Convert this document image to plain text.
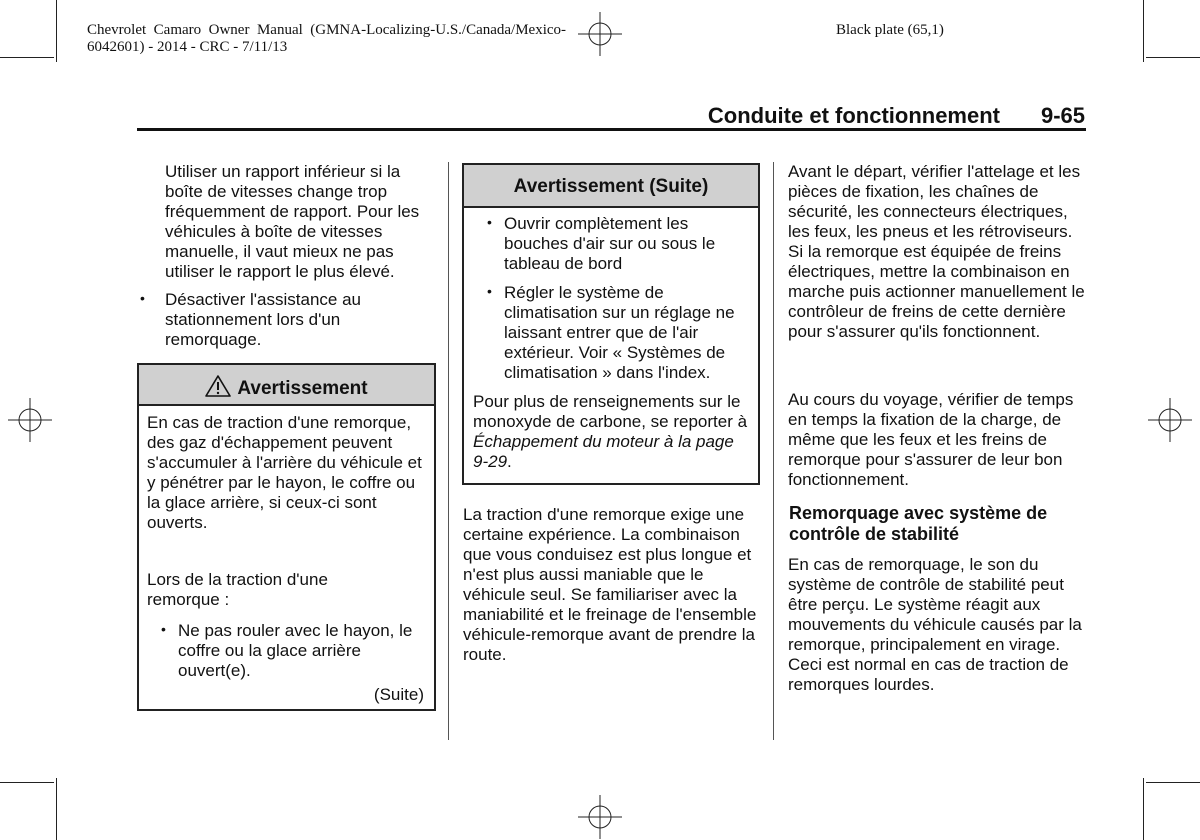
Chevrolet  Camaro  Owner  Manual  (GMNA-Localizing-U.S./Canada/Mexico-
6042601) - 2014 - CRC - 7/11/13
Black plate (65,1)
Conduite et fonctionnement 9-65
Utiliser un rapport inférieur si la boîte de vitesses change trop fréquemment de rapport. Pour les véhicules à boîte de vitesses manuelle, il vaut mieux ne pas utiliser le rapport le plus élevé.
• Désactiver l'assistance au stationnement lors d'un remorquage.
Avertissement
En cas de traction d'une remorque, des gaz d'échappement peuvent s'accumuler à l'arrière du véhicule et y pénétrer par le hayon, le coffre ou la glace arrière, si ceux-ci sont ouverts.
Lors de la traction d'une remorque :
• Ne pas rouler avec le hayon, le coffre ou la glace arrière ouvert(e).
(Suite)
Avertissement (Suite)
• Ouvrir complètement les bouches d'air sur ou sous le tableau de bord
• Régler le système de climatisation sur un réglage ne laissant entrer que de l'air extérieur. Voir « Systèmes de climatisation » dans l'index.
Pour plus de renseignements sur le monoxyde de carbone, se reporter à Échappement du moteur à la page 9-29.
La traction d'une remorque exige une certaine expérience. La combinaison que vous conduisez est plus longue et n'est plus aussi maniable que le véhicule seul. Se familiariser avec la maniabilité et le freinage de l'ensemble véhicule-remorque avant de prendre la route.
Avant le départ, vérifier l'attelage et les pièces de fixation, les chaînes de sécurité, les connecteurs électriques, les feux, les pneus et les rétroviseurs. Si la remorque est équipée de freins électriques, mettre la combinaison en marche puis actionner manuellement le contrôleur de freins de cette dernière pour s'assurer qu'ils fonctionnent.
Au cours du voyage, vérifier de temps en temps la fixation de la charge, de même que les feux et les freins de remorque pour s'assurer de leur bon fonctionnement.
Remorquage avec système de contrôle de stabilité
En cas de remorquage, le son du système de contrôle de stabilité peut être perçu. Le système réagit aux mouvements du véhicule causés par la remorque, principalement en virage. Ceci est normal en cas de traction de remorques lourdes.
